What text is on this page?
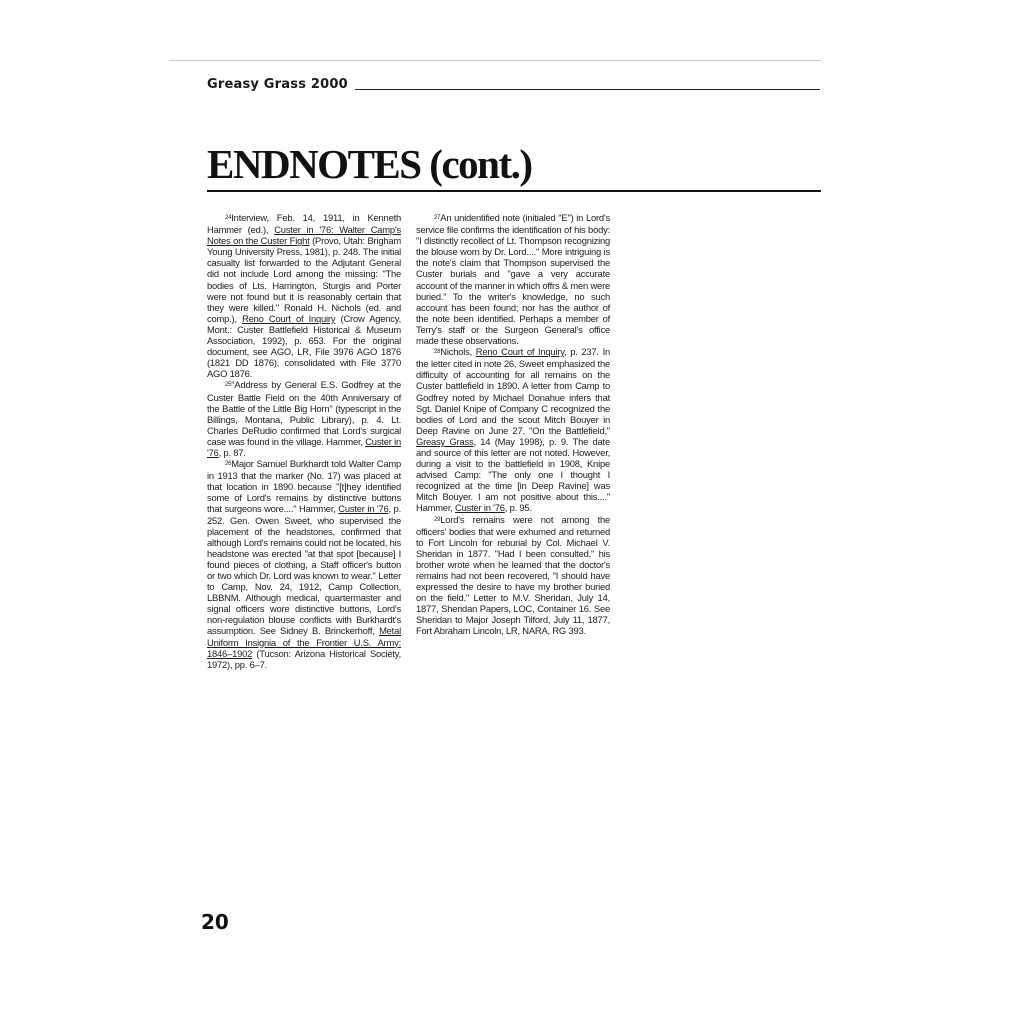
Greasy Grass 2000
ENDNOTES (cont.)

$^{24}$Interview, Feb. 14, 1911, in Kenneth Hammer (ed.), Custer in '76: Walter Camp's Notes on the Custer Fight (Provo, Utah: Brigham Young University Press, 1981), p. 248. The initial casualty list forwarded to the Adjutant General did not include Lord among the missing: "The bodies of Lts. Harrington, Sturgis and Porter were not found but it is reasonably certain that they were killed." Ronald H. Nichols (ed. and comp.), Reno Court of Inquiry (Crow Agency, Mont.: Custer Battlefield Historical & Museum Association, 1992), p. 653. For the original document, see AGO, LR, File 3976 AGO 1876 (1821 DD 1876), consolidated with File 3770 AGO 1876.

$^{25}$"Address by General E.S. Godfrey at the Custer Battle Field on the 40th Anniversary of the Battle of the Little Big Horn" (typescript in the Billings, Montana, Public Library), p. 4. Lt. Charles DeRudio confirmed that Lord's surgical case was found in the village. Hammer, Custer in '76, p. 87.

$^{26}$Major Samuel Burkhardt told Walter Camp in 1913 that the marker (No. 17) was placed at that location in 1890 because "[t]hey identified some of Lord's remains by distinctive buttons that surgeons wore...." Hammer, Custer in '76, p. 252. Gen. Owen Sweet, who supervised the placement of the headstones, confirmed that although Lord's remains could not be located, his headstone was erected "at that spot [because] I found pieces of clothing, a Staff officer's button or two which Dr. Lord was known to wear." Letter to Camp, Nov. 24, 1912, Camp Collection, LBBNM. Although medical, quartermaster and signal officers wore distinctive buttons, Lord's non-regulation blouse conflicts with Burkhardt's assumption. See Sidney B. Brinckerhoff, Metal Uniform Insignia of the Frontier U.S. Army: 1846–1902 (Tucson: Arizona Historical Society, 1972), pp. 6–7.

$^{27}$An unidentified note (initialed "E") in Lord's service file confirms the identification of his body: "I distinctly recollect of Lt. Thompson recognizing the blouse worn by Dr. Lord...." More intriguing is the note's claim that Thompson supervised the Custer burials and "gave a very accurate account of the manner in which offrs & men were buried." To the writer's knowledge, no such account has been found; nor has the author of the note been identified. Perhaps a member of Terry's staff or the Surgeon General's office made these observations.

$^{28}$Nichols, Reno Court of Inquiry, p. 237. In the letter cited in note 26, Sweet emphasized the difficulty of accounting for all remains on the Custer battlefield in 1890. A letter from Camp to Godfrey noted by Michael Donahue infers that Sgt. Daniel Knipe of Company C recognized the bodies of Lord and the scout Mitch Bouyer in Deep Ravine on June 27. "On the Battlefield," Greasy Grass, 14 (May 1998), p. 9. The date and source of this letter are not noted. However, during a visit to the battlefield in 1908, Knipe advised Camp: "The only one I thought I recognized at the time [in Deep Ravine] was Mitch Bouyer. I am not positive about this...." Hammer, Custer in '76, p. 95.

$^{29}$Lord's remains were not among the officers' bodies that were exhumed and returned to Fort Lincoln for reburial by Col. Michael V. Sheridan in 1877. "Had I been consulted," his brother wrote when he learned that the doctor's remains had not been recovered, "I should have expressed the desire to have my brother buried on the field." Letter to M.V. Sheridan, July 14, 1877, Sheridan Papers, LOC, Container 16. See Sheridan to Major Joseph Tilford, July 11, 1877, Fort Abraham Lincoln, LR, NARA, RG 393.

20
